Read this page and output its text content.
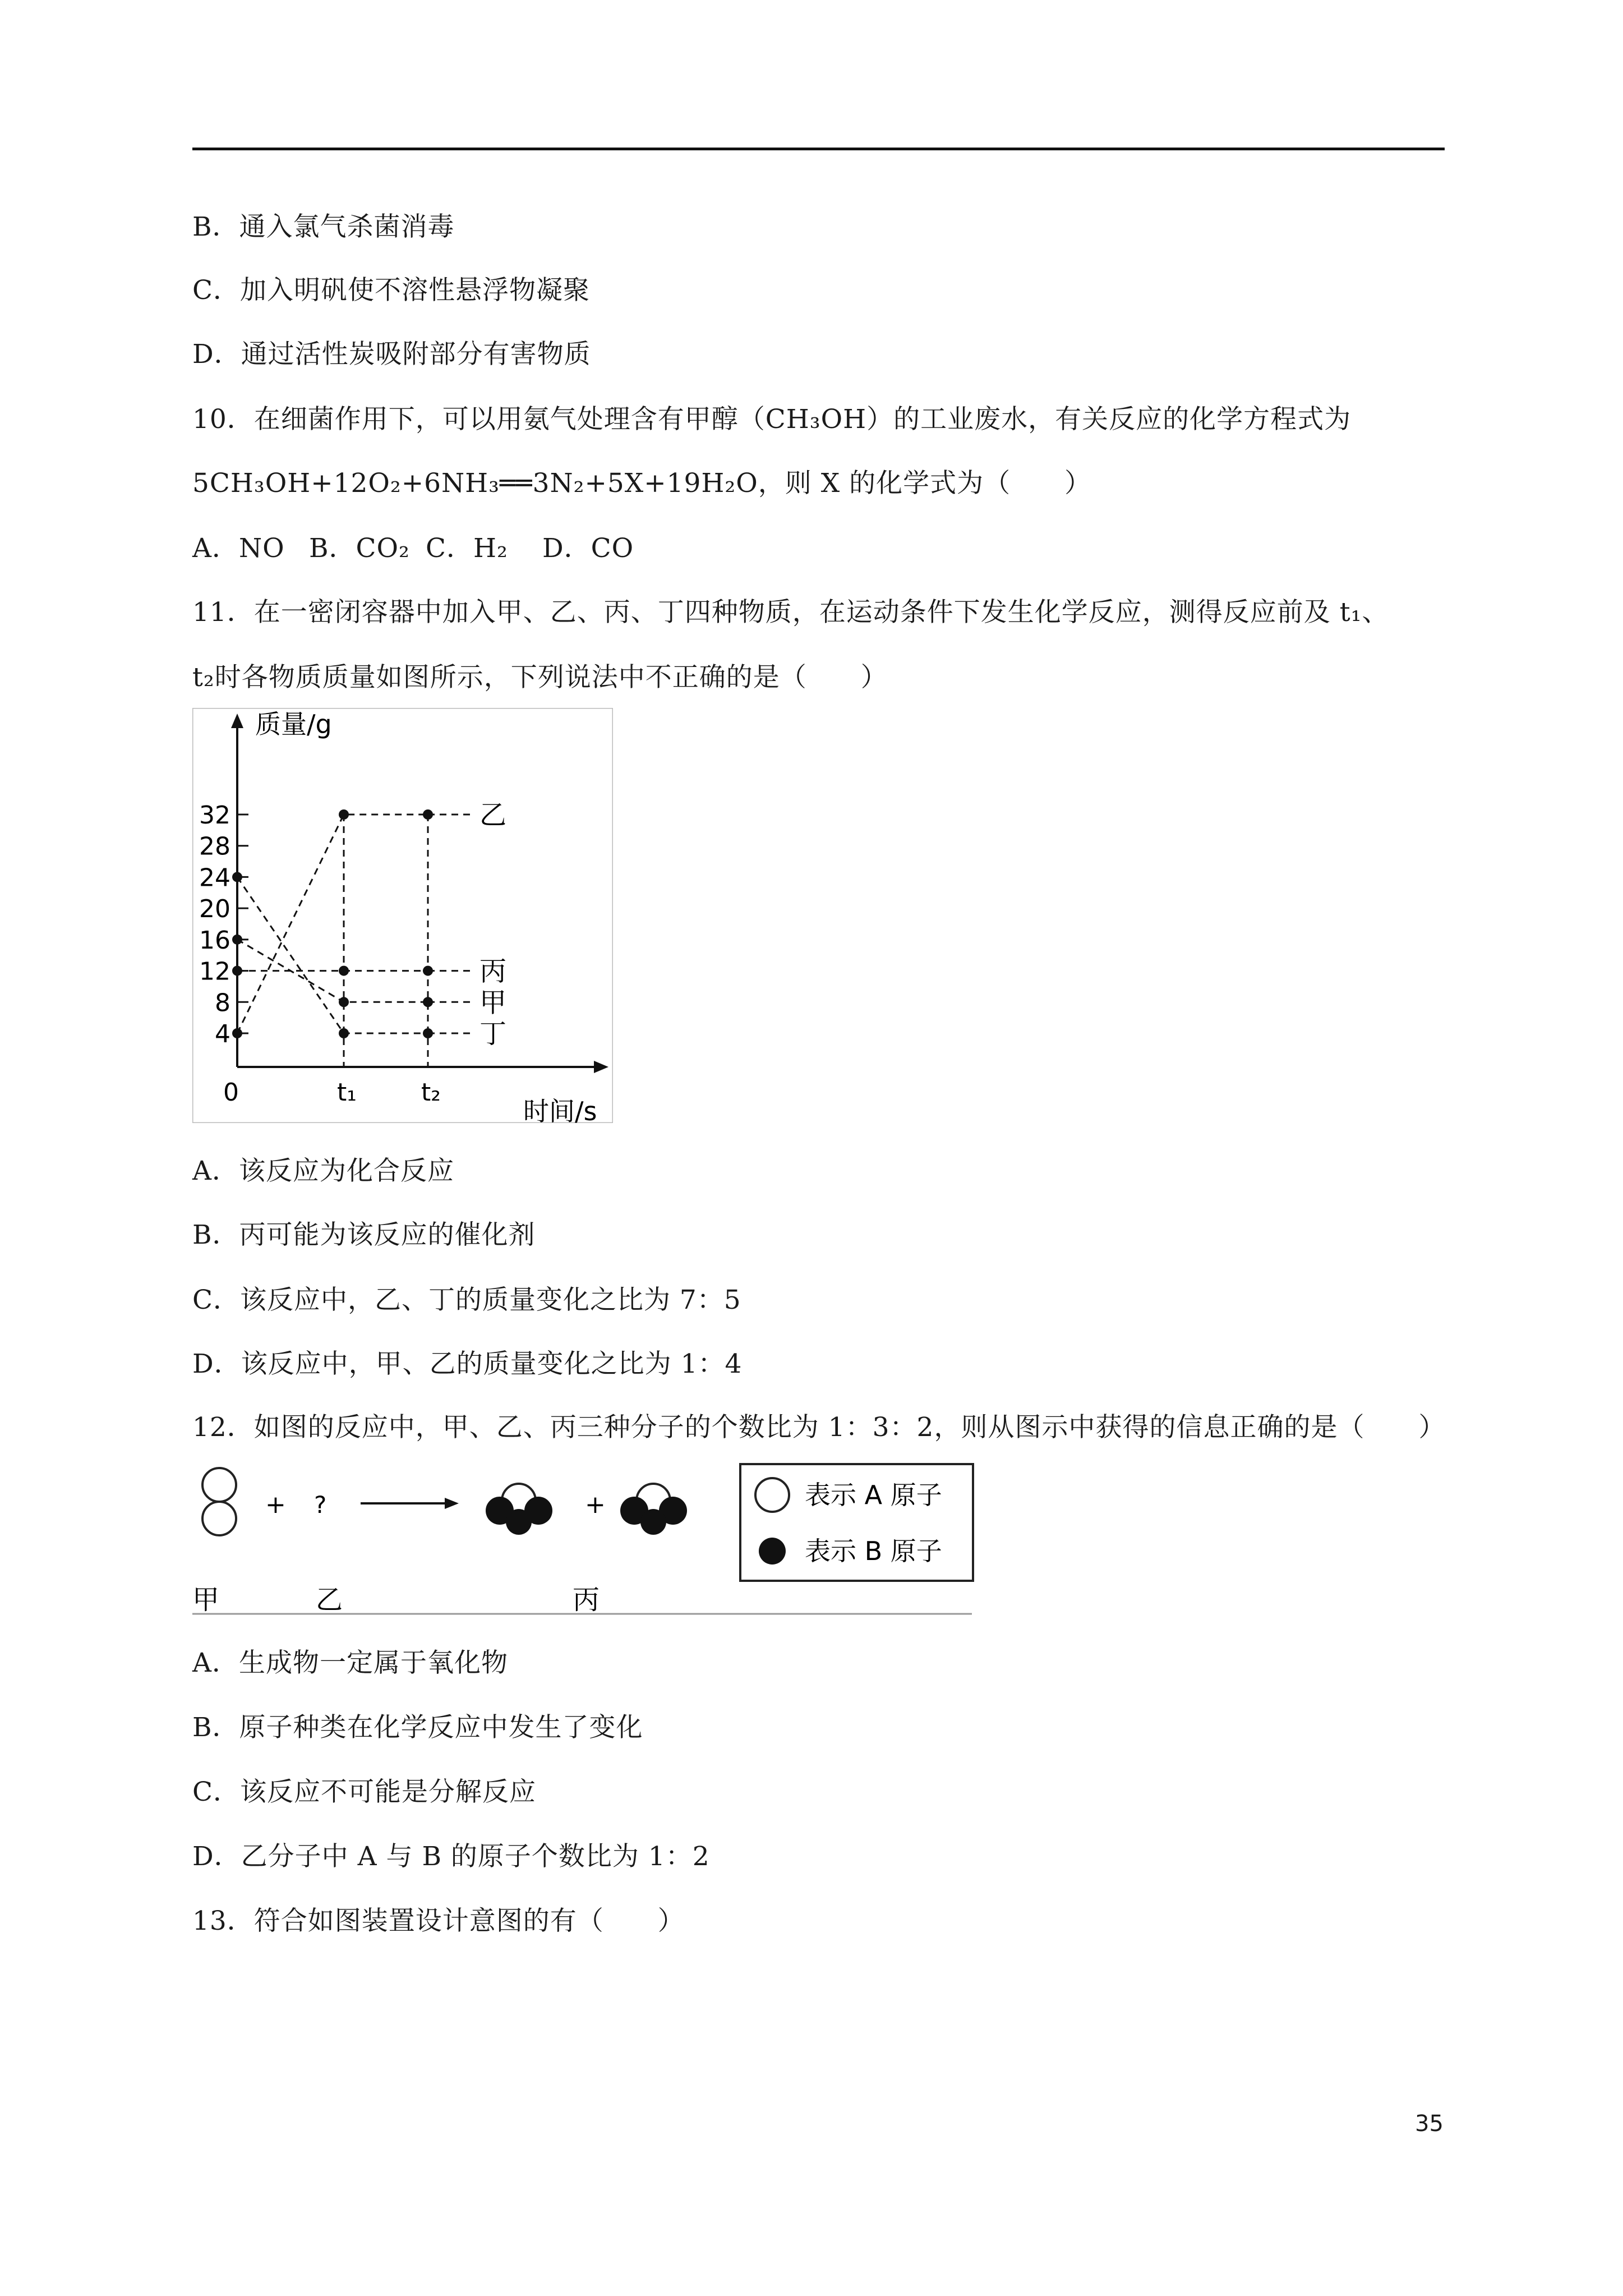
B．通入氯气杀菌消毒
C．加入明矾使不溶性悬浮物凝聚
D．通过活性炭吸附部分有害物质
10．在细菌作用下，可以用氨气处理含有甲醇（CH₃OH）的工业废水，有关反应的化学方程式为
5CH₃OH+12O₂+6NH₃══3N₂+5X+19H₂O，则 X 的化学式为（　　）
A．NO B．CO₂ C．H₂ D．CO
11．在一密闭容器中加入甲、乙、丙、丁四种物质，在运动条件下发生化学反应，测得反应前及 t₁、
t₂时各物质质量如图所示，下列说法中不正确的是（　　）
质量/g
时间/s
4
8
12
16
20
24
28
32
0	t₁	t₂
乙
丙
甲
丁
A．该反应为化合反应
B．丙可能为该反应的催化剂
C．该反应中，乙、丁的质量变化之比为 7：5
D．该反应中，甲、乙的质量变化之比为 1：4
12．如图的反应中，甲、乙、丙三种分子的个数比为 1：3：2，则从图示中获得的信息正确的是（　　）
+ ?	+
甲	乙	丙
表示 A 原子
表示 B 原子
A．生成物一定属于氧化物
B．原子种类在化学反应中发生了变化
C．该反应不可能是分解反应
D．乙分子中 A 与 B 的原子个数比为 1：2
13．符合如图装置设计意图的有（　　）
35
